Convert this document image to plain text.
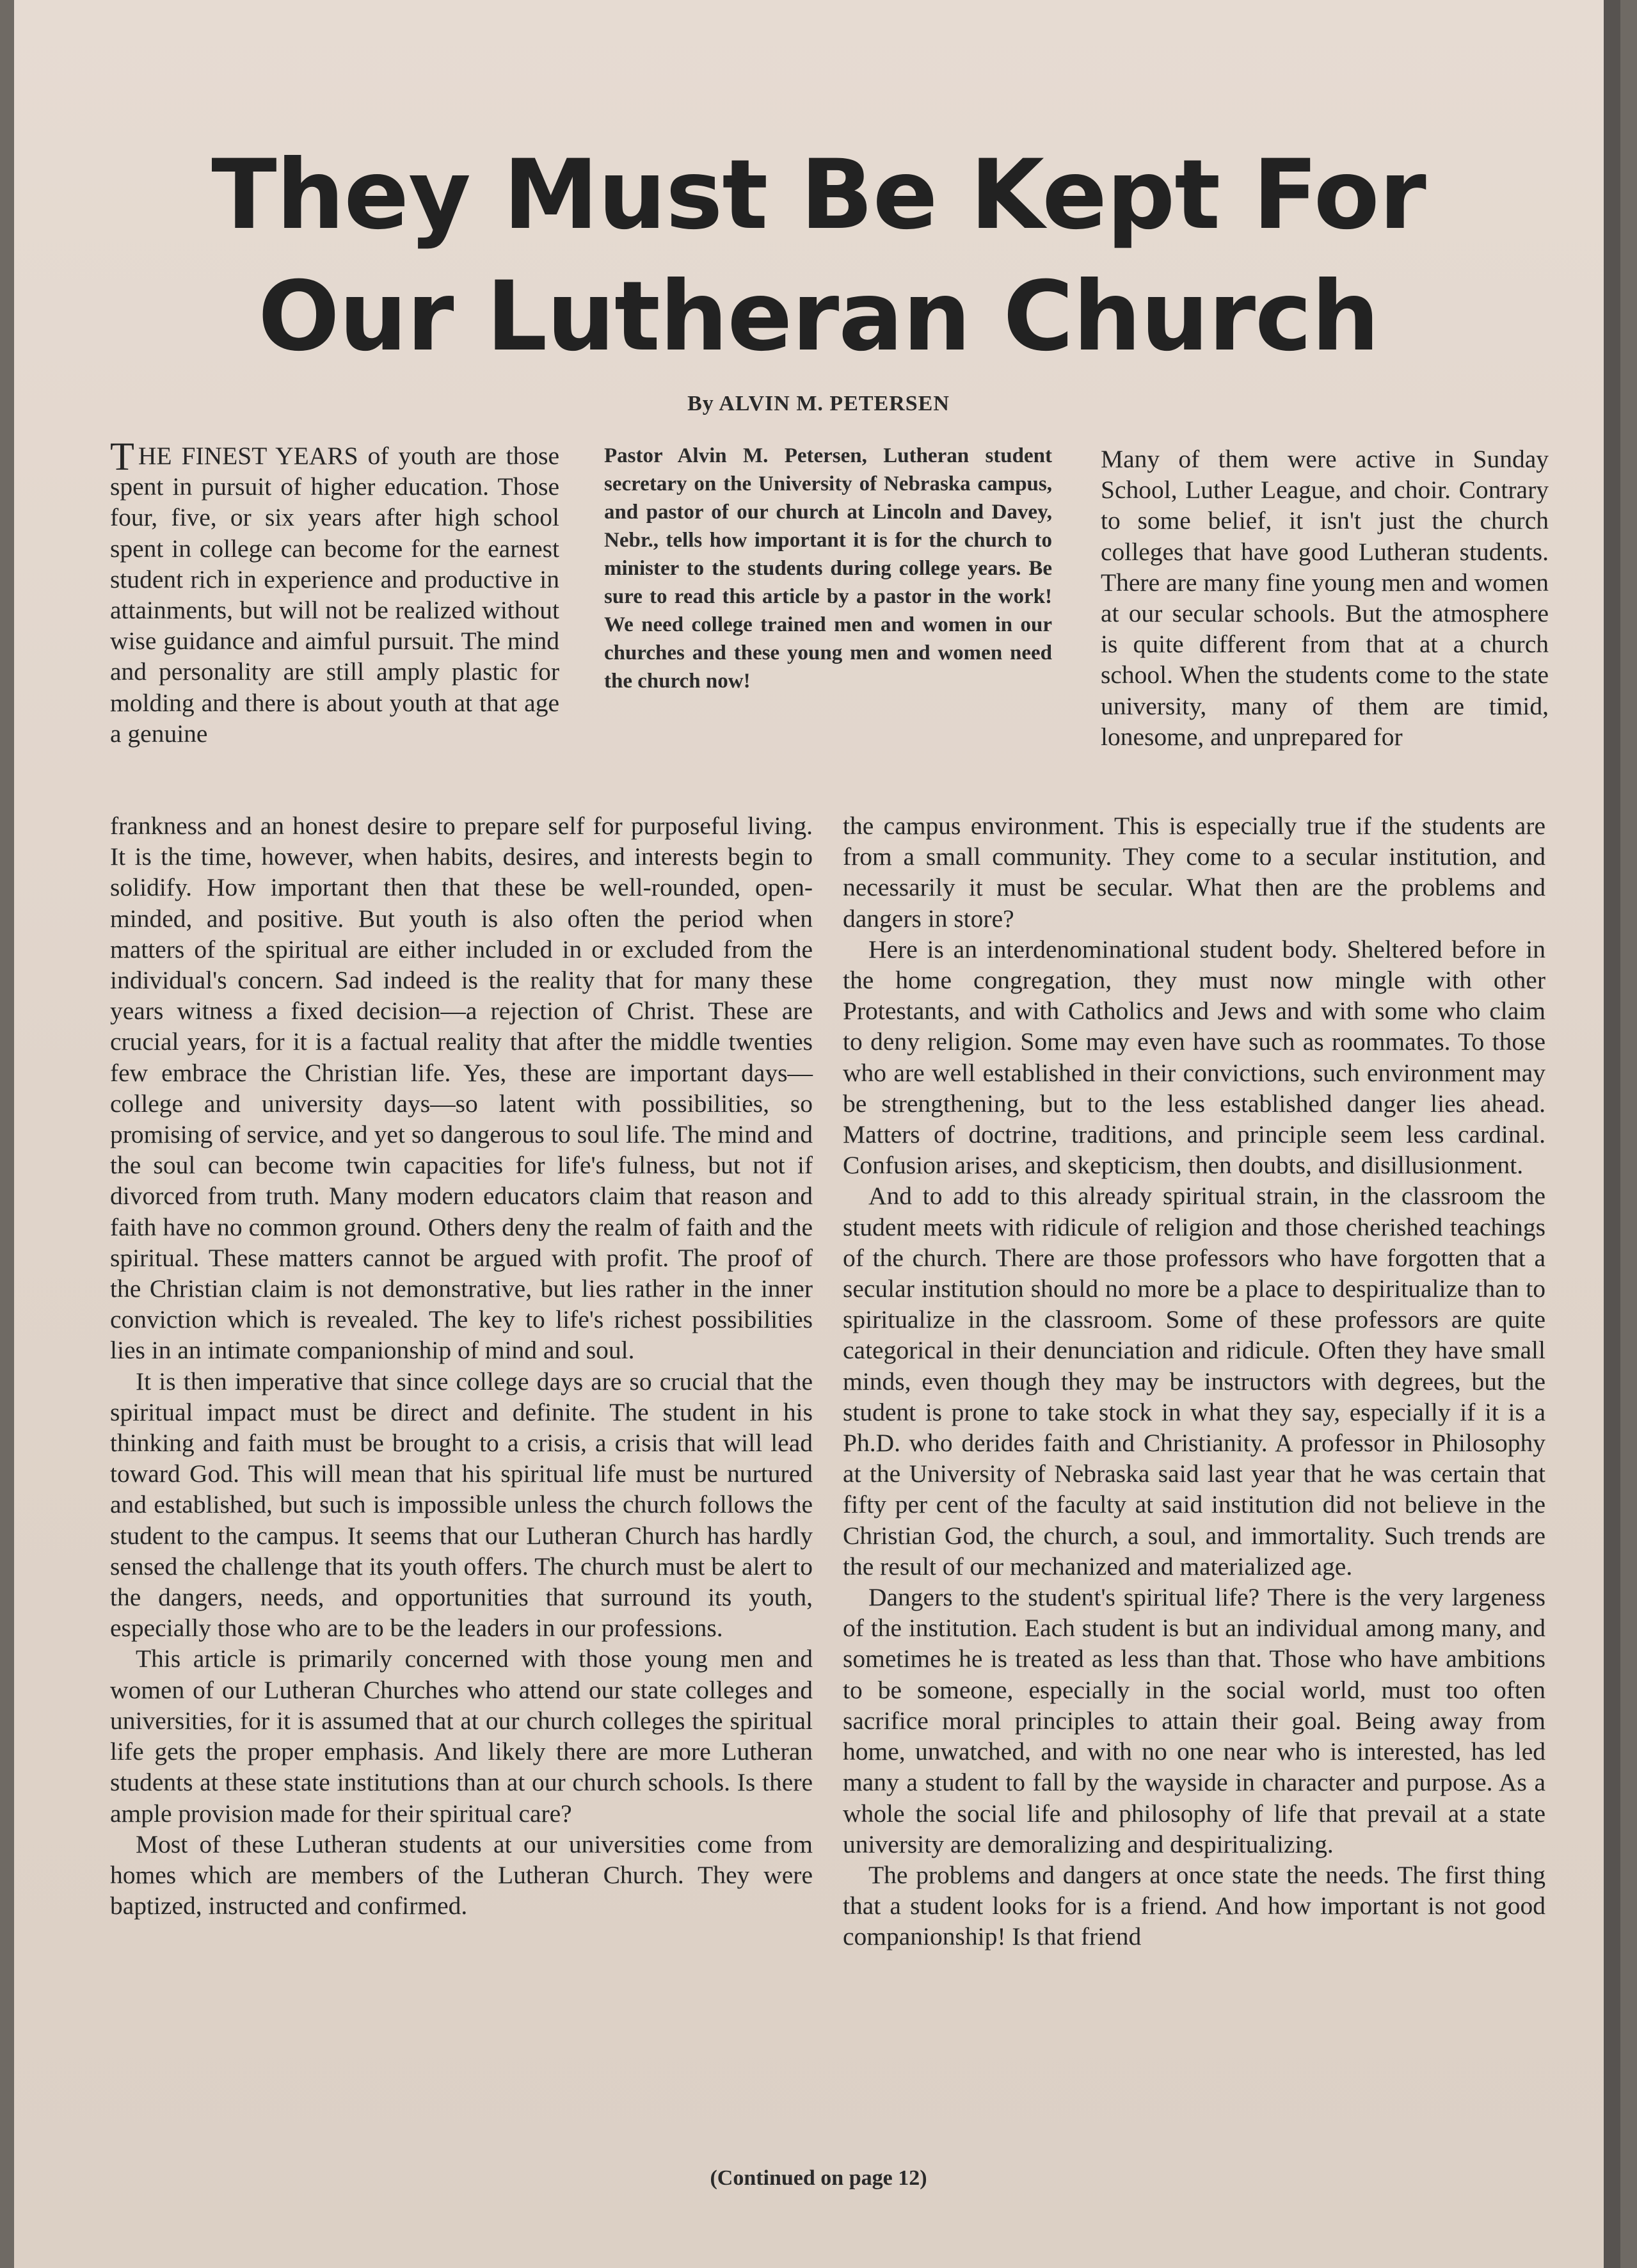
They Must Be Kept For
Our Lutheran Church
By ALVIN M. PETERSEN

THE FINEST YEARS of youth are those spent in pursuit of higher education. Those four, five, or six years after high school spent in college can become for the earnest student rich in experience and productive in attainments, but will not be realized without wise guidance and aimful pursuit. The mind and personality are still amply plastic for molding and there is about youth at that age a genuine

Pastor Alvin M. Petersen, Lutheran student secretary on the University of Nebraska campus, and pastor of our church at Lincoln and Davey, Nebr., tells how important it is for the church to minister to the students during college years. Be sure to read this article by a pastor in the work! We need college trained men and women in our churches and these young men and women need the church now!

Many of them were active in Sunday School, Luther League, and choir. Contrary to some belief, it isn't just the church colleges that have good Lutheran students. There are many fine young men and women at our secular schools. But the atmosphere is quite different from that at a church school. When the students come to the state university, many of them are timid, lonesome, and unprepared for

frankness and an honest desire to prepare self for purposeful living. It is the time, however, when habits, desires, and interests begin to solidify. How important then that these be well-rounded, open-minded, and positive. But youth is also often the period when matters of the spiritual are either included in or excluded from the individual's concern. Sad indeed is the reality that for many these years witness a fixed decision—a rejection of Christ. These are crucial years, for it is a factual reality that after the middle twenties few embrace the Christian life. Yes, these are important days—college and university days—so latent with possibilities, so promising of service, and yet so dangerous to soul life. The mind and the soul can become twin capacities for life's fulness, but not if divorced from truth. Many modern educators claim that reason and faith have no common ground. Others deny the realm of faith and the spiritual. These matters cannot be argued with profit. The proof of the Christian claim is not demonstrative, but lies rather in the inner conviction which is revealed. The key to life's richest possibilities lies in an intimate companionship of mind and soul.
It is then imperative that since college days are so crucial that the spiritual impact must be direct and definite. The student in his thinking and faith must be brought to a crisis, a crisis that will lead toward God. This will mean that his spiritual life must be nurtured and established, but such is impossible unless the church follows the student to the campus. It seems that our Lutheran Church has hardly sensed the challenge that its youth offers. The church must be alert to the dangers, needs, and opportunities that surround its youth, especially those who are to be the leaders in our professions.
This article is primarily concerned with those young men and women of our Lutheran Churches who attend our state colleges and universities, for it is assumed that at our church colleges the spiritual life gets the proper emphasis. And likely there are more Lutheran students at these state institutions than at our church schools. Is there ample provision made for their spiritual care?
Most of these Lutheran students at our universities come from homes which are members of the Lutheran Church. They were baptized, instructed and confirmed.
the campus environment. This is especially true if the students are from a small community. They come to a secular institution, and necessarily it must be secular. What then are the problems and dangers in store?
Here is an interdenominational student body. Sheltered before in the home congregation, they must now mingle with other Protestants, and with Catholics and Jews and with some who claim to deny religion. Some may even have such as roommates. To those who are well established in their convictions, such environment may be strengthening, but to the less established danger lies ahead. Matters of doctrine, traditions, and principle seem less cardinal. Confusion arises, and skepticism, then doubts, and disillusionment.
And to add to this already spiritual strain, in the classroom the student meets with ridicule of religion and those cherished teachings of the church. There are those professors who have forgotten that a secular institution should no more be a place to despiritualize than to spiritualize in the classroom. Some of these professors are quite categorical in their denunciation and ridicule. Often they have small minds, even though they may be instructors with degrees, but the student is prone to take stock in what they say, especially if it is a Ph.D. who derides faith and Christianity. A professor in Philosophy at the University of Nebraska said last year that he was certain that fifty per cent of the faculty at said institution did not believe in the Christian God, the church, a soul, and immortality. Such trends are the result of our mechanized and materialized age.
Dangers to the student's spiritual life? There is the very largeness of the institution. Each student is but an individual among many, and sometimes he is treated as less than that. Those who have ambitions to be someone, especially in the social world, must too often sacrifice moral principles to attain their goal. Being away from home, unwatched, and with no one near who is interested, has led many a student to fall by the wayside in character and purpose. As a whole the social life and philosophy of life that prevail at a state university are demoralizing and despiritualizing.
The problems and dangers at once state the needs. The first thing that a student looks for is a friend. And how important is not good companionship! Is that friend
(Continued on page 12)
